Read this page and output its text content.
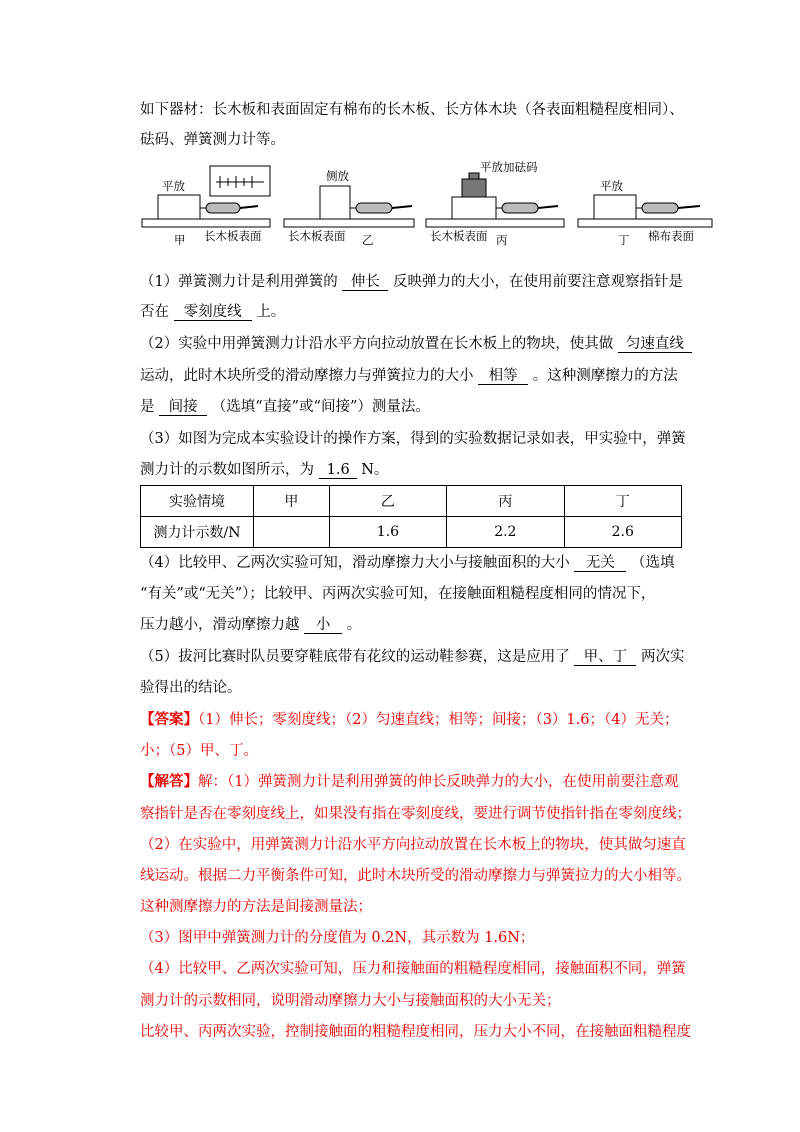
如下器材：长木板和表面固定有棉布的长木板、长方体木块（各表面粗糙程度相同）、
砝码、弹簧测力计等。
平放
甲 长木板表面
侧放
长木板表面 乙
平放加砝码
长木板表面 丙
平放
丁 棉布表面
（1）弹簧测力计是利用弹簧的 伸长 反映弹力的大小，在使用前要注意观察指针是
否在 零刻度线 上。
（2）实验中用弹簧测力计沿水平方向拉动放置在长木板上的物块，使其做 匀速直线
运动，此时木块所受的滑动摩擦力与弹簧拉力的大小 相等 。这种测摩擦力的方法
是 间接 （选填“直接”或“间接”）测量法。
（3）如图为完成本实验设计的操作方案，得到的实验数据记录如表，甲实验中，弹簧
测力计的示数如图所示，为 1.6 N。
实验情境	甲	乙	丙	丁
测力计示数/N		1.6	2.2	2.6
（4）比较甲、乙两次实验可知，滑动摩擦力大小与接触面积的大小 无关 （选填
“有关”或“无关”）；比较甲、丙两次实验可知，在接触面粗糙程度相同的情况下，
压力越小，滑动摩擦力越 小 。
（5）拔河比赛时队员要穿鞋底带有花纹的运动鞋参赛，这是应用了 甲、丁 两次实
验得出的结论。
【答案】（1）伸长；零刻度线；（2）匀速直线；相等；间接；（3）1.6；（4）无关；
小；（5）甲、丁。
【解答】解：（1）弹簧测力计是利用弹簧的伸长反映弹力的大小，在使用前要注意观
察指针是否在零刻度线上，如果没有指在零刻度线，要进行调节使指针指在零刻度线；
（2）在实验中，用弹簧测力计沿水平方向拉动放置在长木板上的物块，使其做匀速直
线运动。根据二力平衡条件可知，此时木块所受的滑动摩擦力与弹簧拉力的大小相等。
这种测摩擦力的方法是间接测量法；
（3）图甲中弹簧测力计的分度值为 0.2N，其示数为 1.6N；
（4）比较甲、乙两次实验可知，压力和接触面的粗糙程度相同，接触面积不同，弹簧
测力计的示数相同，说明滑动摩擦力大小与接触面积的大小无关；
比较甲、丙两次实验，控制接触面的粗糙程度相同，压力大小不同，在接触面粗糙程度
